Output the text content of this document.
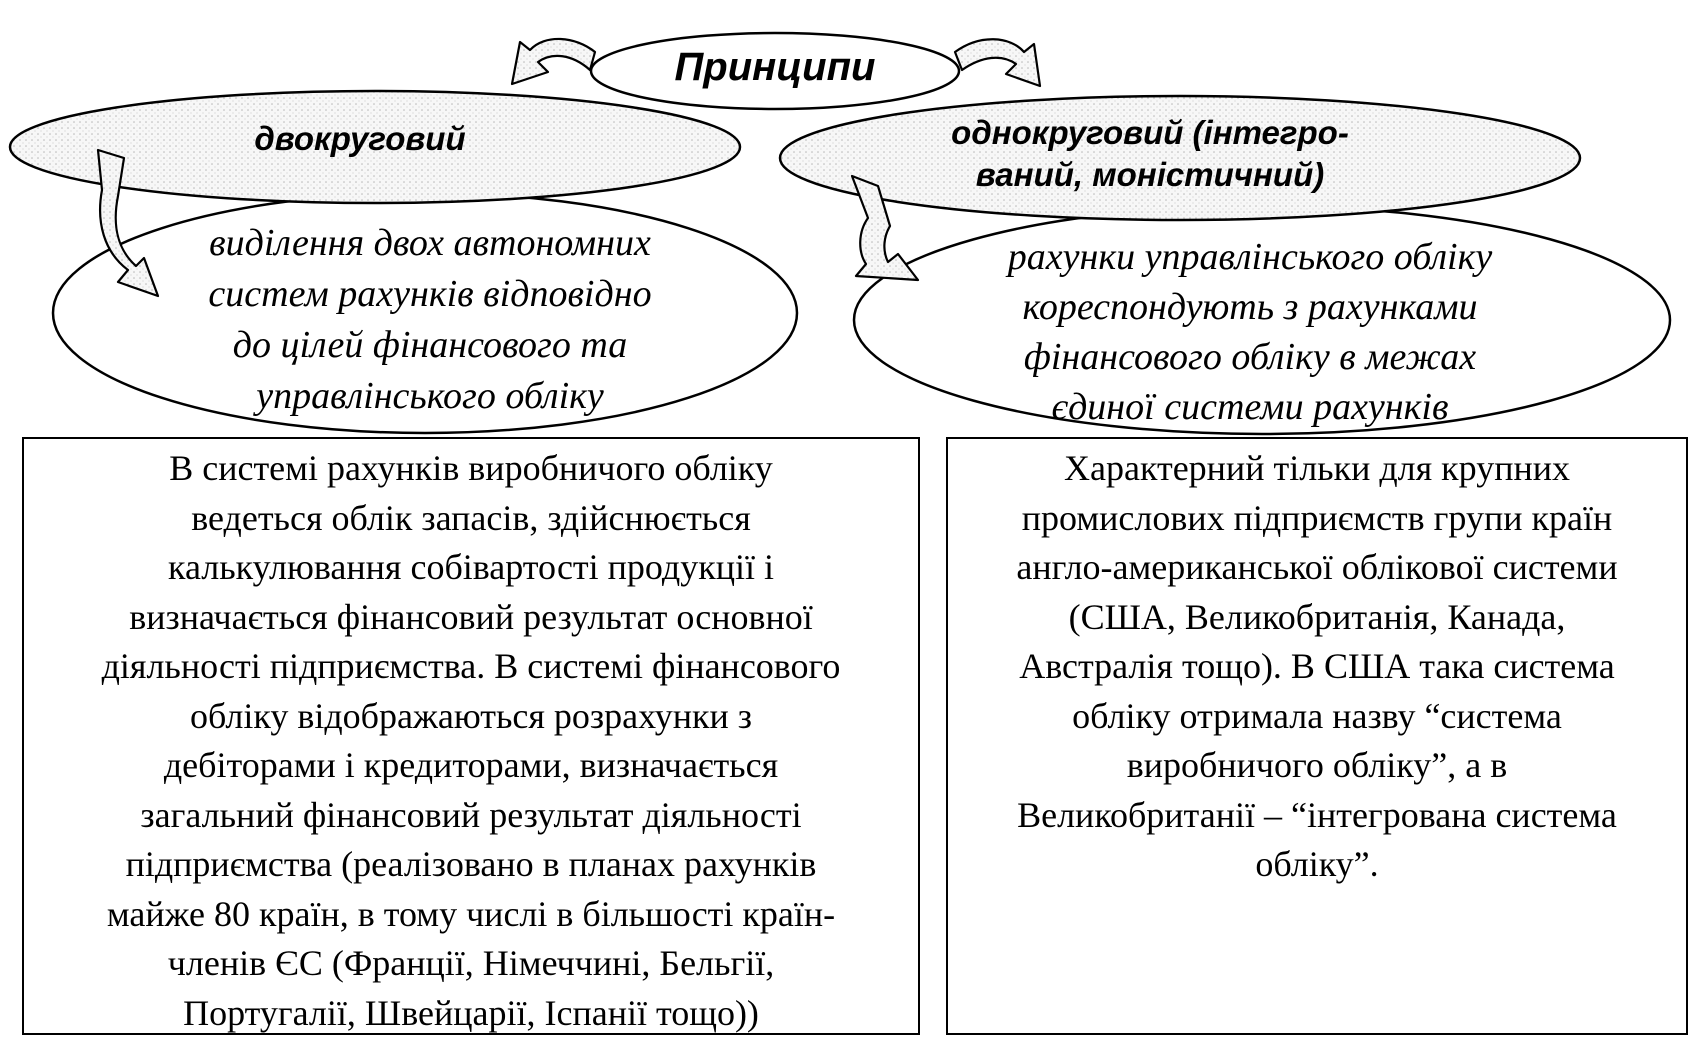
Принципи
двокруговий	однокруговий (інтегро-
ваний, моністичний)
виділення двох автономних
систем рахунків відповідно
до цілей фінансового та
управлінського обліку
рахунки управлінського обліку
кореспондують з рахунками
фінансового обліку в межах
єдиної системи рахунків
В системі рахунків виробничого обліку
ведеться облік запасів, здійснюється
калькулювання собівартості продукції і
визначається фінансовий результат основної
діяльності підприємства. В системі фінансового
обліку відображаються розрахунки з
дебіторами і кредиторами, визначається
загальний фінансовий результат діяльності
підприємства (реалізовано в планах рахунків
майже 80 країн, в тому числі в більшості країн-
членів ЄС (Франції, Німеччині, Бельгії,
Португалії, Швейцарії, Іспанії тощо))
Характерний тільки для крупних
промислових підприємств групи країн
англо-американської облікової системи
(США, Великобританія, Канада,
Австралія тощо). В США така система
обліку отримала назву “система
виробничого обліку”, а в
Великобританії – “інтегрована система
обліку”.
